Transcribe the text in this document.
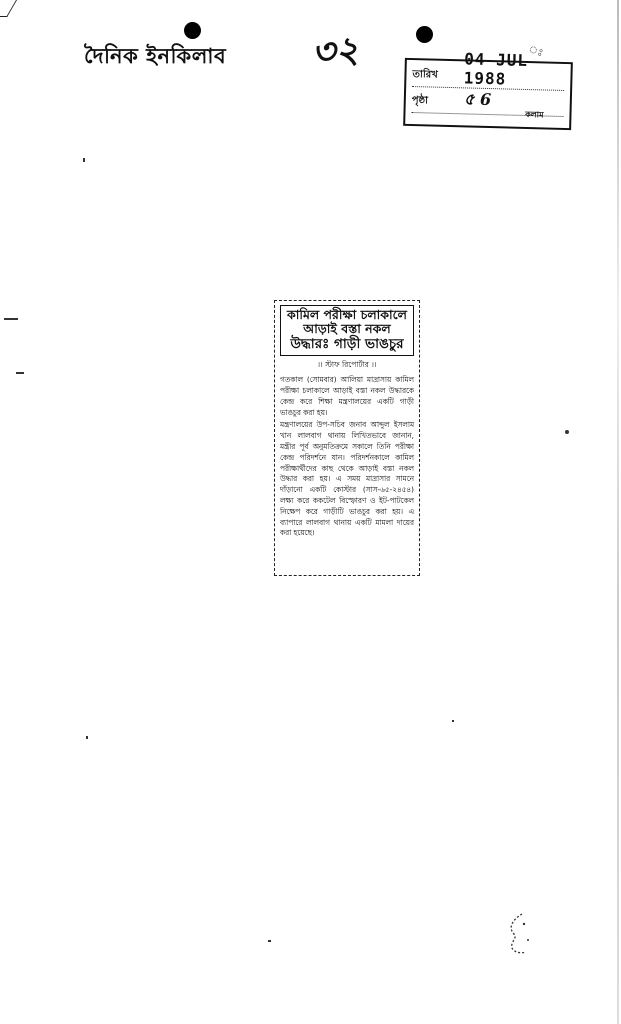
দৈনিক ইনকিলাব ৩২	ঃ
তারিখ
04 JUL 1988
পৃষ্ঠা ৫ 6
কলাম
কামিল পরীক্ষা চলাকালে
আড়াই বস্তা নকল
উদ্ধারঃ গাড়ী ভাঙচুর
।। স্টাফ রিপোর্টার ।।

গতকাল (সোমবার) আলিয়া মাদ্রাসায় কামিল পরীক্ষা চলাকালে আড়াই বস্তা নকল উদ্ধারকে কেন্দ্র করে শিক্ষা মন্ত্রণালয়ের একটি গাড়ী ভাঙচুর করা হয়।

মন্ত্রণালয়ের উপ-সচিব জনাব আব্দুল ইসলাম খান লালবাগ থানায় লিখিতভাবে জানান, মন্ত্রীর পূর্ব অনুমতিক্রমে সকালে তিনি পরীক্ষা কেন্দ্র পরিদর্শনে যান। পরিদর্শনকালে কামিল পরীক্ষার্থীদের কাছ থেকে আড়াই বস্তা নকল উদ্ধার করা হয়। এ সময় মাদ্রাসার সামনে দাঁড়ানো একটি কোস্টার (সাস-৬৫-২৪৫৪) লক্ষ্য করে ককটেল বিস্ফোরণ ও ইট-পাটকেল নিক্ষেপ করে গাড়ীটি ভাঙচুর করা হয়। এ ব্যাপারে লালবাগ থানায় একটি মামলা দায়ের করা হয়েছে।
